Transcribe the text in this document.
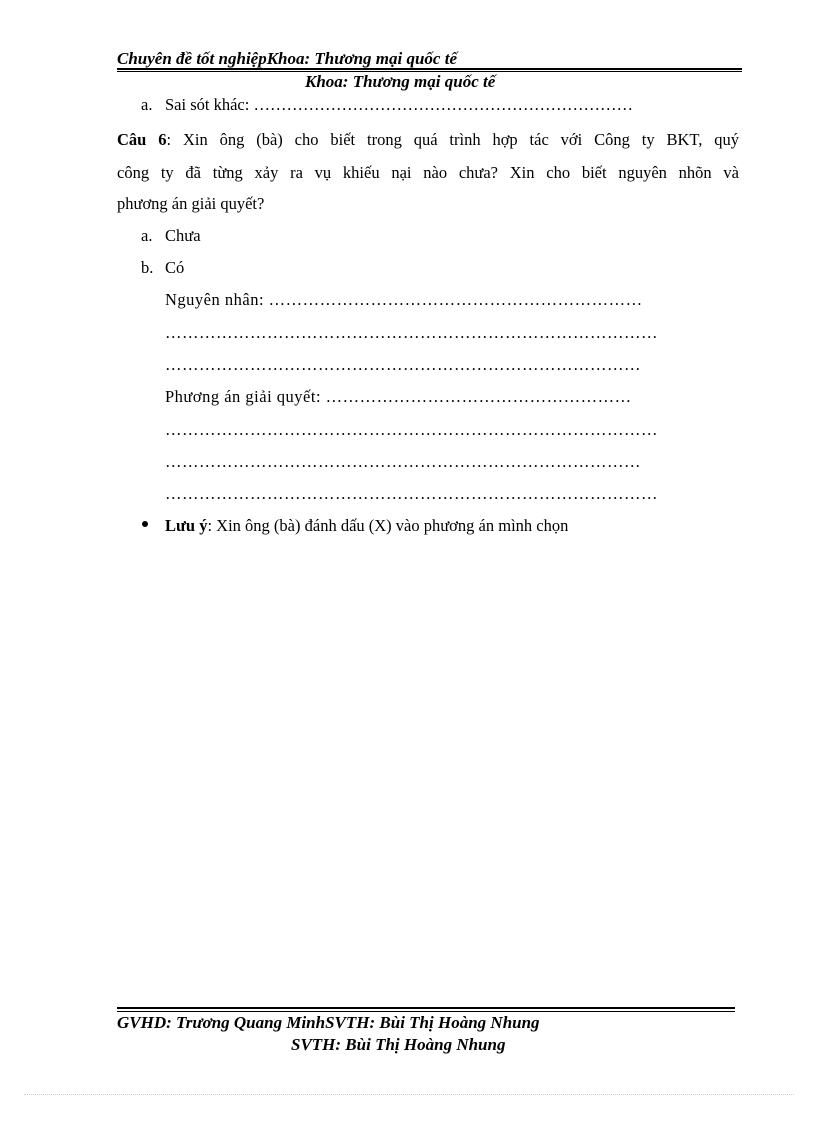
Chuyên đề tốt nghiệpKhoa: Thương mại quốc tế
Khoa: Thương mại quốc tế
a. Sai sót khác: ……………………………………………………………
Câu 6: Xin ông (bà) cho biết trong quá trình hợp tác với Công ty BKT, quý
công ty đã từng xảy ra vụ khiếu nại nào chưa? Xin cho biết nguyên nhõn và
phương án giải quyết?
a. Chưa
b. Có
Nguyên nhân: …………………………………………………………
……………………………………………………………………………
…………………………………………………………………………
Phương án giải quyết: ………………………………………………
……………………………………………………………………………
…………………………………………………………………………
……………………………………………………………………………
Lưu ý: Xin ông (bà) đánh dấu (X) vào phương án mình chọn
GVHD: Trương Quang MinhSVTH: Bùi Thị Hoàng Nhung
SVTH: Bùi Thị Hoàng Nhung
